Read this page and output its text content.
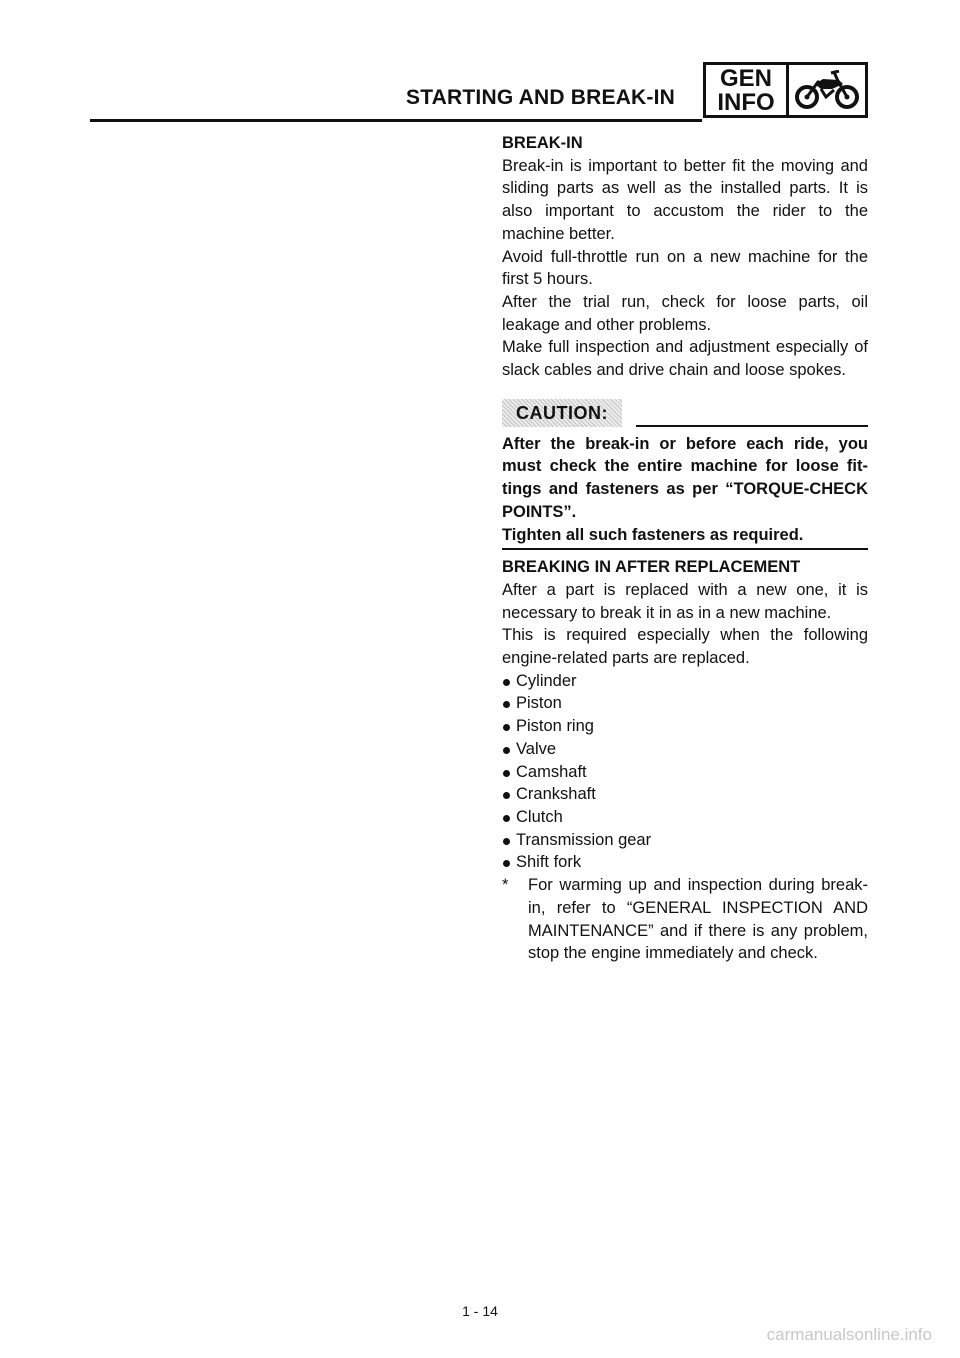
STARTING AND BREAK-IN
GEN
INFO

BREAK-IN

Break-in is important to better fit the moving and sliding parts as well as the installed parts. It is also important to accustom the rider to the machine better.

Avoid full-throttle run on a new machine for the first 5 hours.

After the trial run, check for loose parts, oil leakage and other problems.

Make full inspection and adjustment especially of slack cables and drive chain and loose spokes.

CAUTION:

After the break-in or before each ride, you must check the entire machine for loose fit-tings and fasteners as per “TORQUE-CHECK POINTS”.

Tighten all such fasteners as required.

BREAKING IN AFTER REPLACEMENT

After a part is replaced with a new one, it is necessary to break it in as in a new machine.

This is required especially when the following engine-related parts are replaced.

Cylinder
Piston
Piston ring
Valve
Camshaft
Crankshaft
Clutch
Transmission gear
Shift fork
*	For warming up and inspection during break-in, refer to “GENERAL INSPECTION AND MAINTENANCE” and if there is any problem, stop the engine immediately and check.

1 - 14
carmanualsonline.info
